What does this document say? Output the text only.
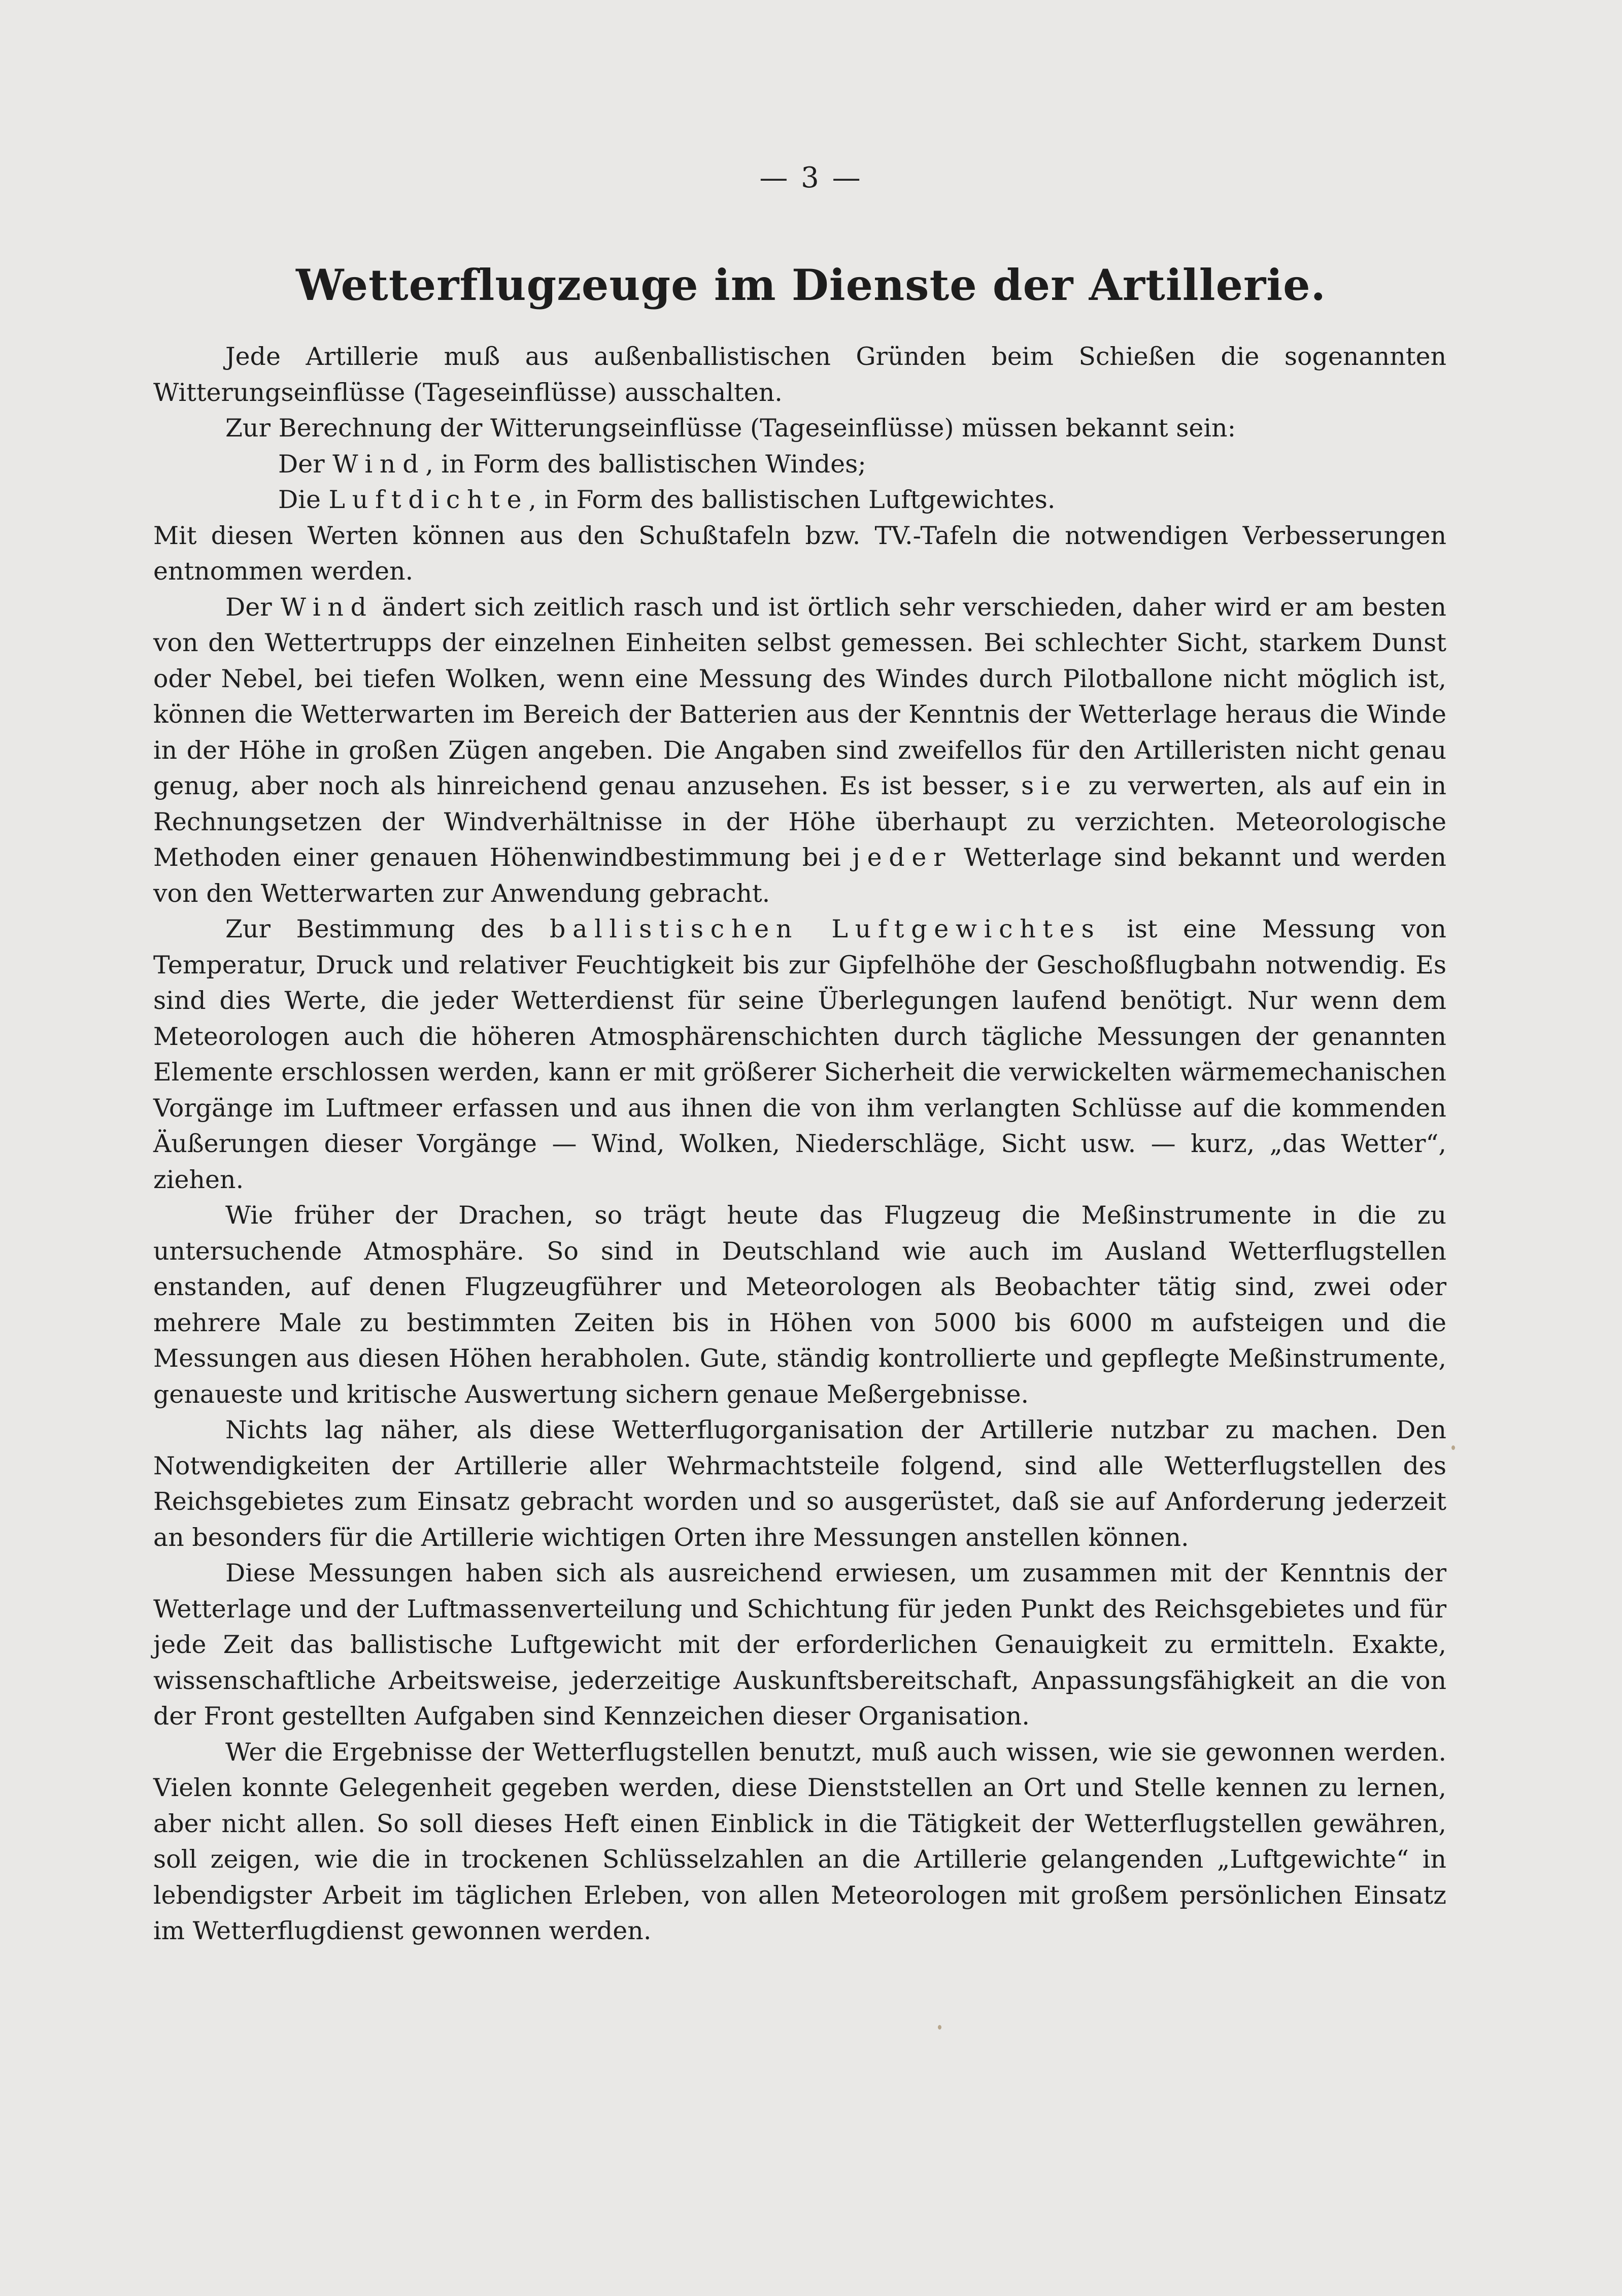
— 3 —
Wetterflugzeuge im Dienste der Artillerie.

Jede Artillerie muß aus außenballistischen Gründen beim Schießen die sogenannten Witterungseinflüsse (Tageseinflüsse) ausschalten.

Zur Berechnung der Witterungseinflüsse (Tageseinflüsse) müssen bekannt sein:

Der Wind, in Form des ballistischen Windes;

Die Luftdichte, in Form des ballistischen Luftgewichtes.

Mit diesen Werten können aus den Schußtafeln bzw. TV.-Tafeln die notwendigen Verbesserungen entnommen werden.

Der Wind ändert sich zeitlich rasch und ist örtlich sehr verschieden, daher wird er am besten von den Wettertrupps der einzelnen Einheiten selbst gemessen. Bei schlechter Sicht, starkem Dunst oder Nebel, bei tiefen Wolken, wenn eine Messung des Windes durch Pilotballone nicht möglich ist, können die Wetterwarten im Bereich der Batterien aus der Kenntnis der Wetterlage heraus die Winde in der Höhe in großen Zügen angeben. Die Angaben sind zweifellos für den Artilleristen nicht genau genug, aber noch als hinreichend genau anzusehen. Es ist besser, sie zu verwerten, als auf ein in Rechnungsetzen der Windverhältnisse in der Höhe überhaupt zu verzichten. Meteorologische Methoden einer genauen Höhenwindbestimmung bei jeder Wetterlage sind bekannt und werden von den Wetterwarten zur Anwendung gebracht.

Zur Bestimmung des ballistischen Luftgewichtes ist eine Messung von Temperatur, Druck und relativer Feuchtigkeit bis zur Gipfelhöhe der Geschoßflugbahn notwendig. Es sind dies Werte, die jeder Wetterdienst für seine Überlegungen laufend benötigt. Nur wenn dem Meteorologen auch die höheren Atmosphärenschichten durch tägliche Messungen der genannten Elemente erschlossen werden, kann er mit größerer Sicherheit die verwickelten wärmemechanischen Vorgänge im Luftmeer erfassen und aus ihnen die von ihm verlangten Schlüsse auf die kommenden Äußerungen dieser Vorgänge — Wind, Wolken, Niederschläge, Sicht usw. — kurz, „das Wetter“, ziehen.

Wie früher der Drachen, so trägt heute das Flugzeug die Meßinstrumente in die zu untersuchende Atmosphäre. So sind in Deutschland wie auch im Ausland Wetterflugstellen enstanden, auf denen Flugzeugführer und Meteorologen als Beobachter tätig sind, zwei oder mehrere Male zu bestimmten Zeiten bis in Höhen von 5000 bis 6000 m aufsteigen und die Messungen aus diesen Höhen herabholen. Gute, ständig kontrollierte und gepflegte Meßinstrumente, genaueste und kritische Auswertung sichern genaue Meßergebnisse.

Nichts lag näher, als diese Wetterflugorganisation der Artillerie nutzbar zu machen. Den Notwendigkeiten der Artillerie aller Wehrmachtsteile folgend, sind alle Wetterflugstellen des Reichsgebietes zum Einsatz gebracht worden und so ausgerüstet, daß sie auf Anforderung jederzeit an besonders für die Artillerie wichtigen Orten ihre Messungen anstellen können.

Diese Messungen haben sich als ausreichend erwiesen, um zusammen mit der Kenntnis der Wetterlage und der Luftmassenverteilung und Schichtung für jeden Punkt des Reichsgebietes und für jede Zeit das ballistische Luftgewicht mit der erforderlichen Genauigkeit zu ermitteln. Exakte, wissenschaftliche Arbeitsweise, jederzeitige Auskunftsbereitschaft, Anpassungsfähigkeit an die von der Front gestellten Aufgaben sind Kennzeichen dieser Organisation.

Wer die Ergebnisse der Wetterflugstellen benutzt, muß auch wissen, wie sie gewonnen werden. Vielen konnte Gelegenheit gegeben werden, diese Dienststellen an Ort und Stelle kennen zu lernen, aber nicht allen. So soll dieses Heft einen Einblick in die Tätigkeit der Wetterflugstellen gewähren, soll zeigen, wie die in trockenen Schlüsselzahlen an die Artillerie gelangenden „Luftgewichte“ in lebendigster Arbeit im täglichen Erleben, von allen Meteorologen mit großem persönlichen Einsatz im Wetterflugdienst gewonnen werden.
